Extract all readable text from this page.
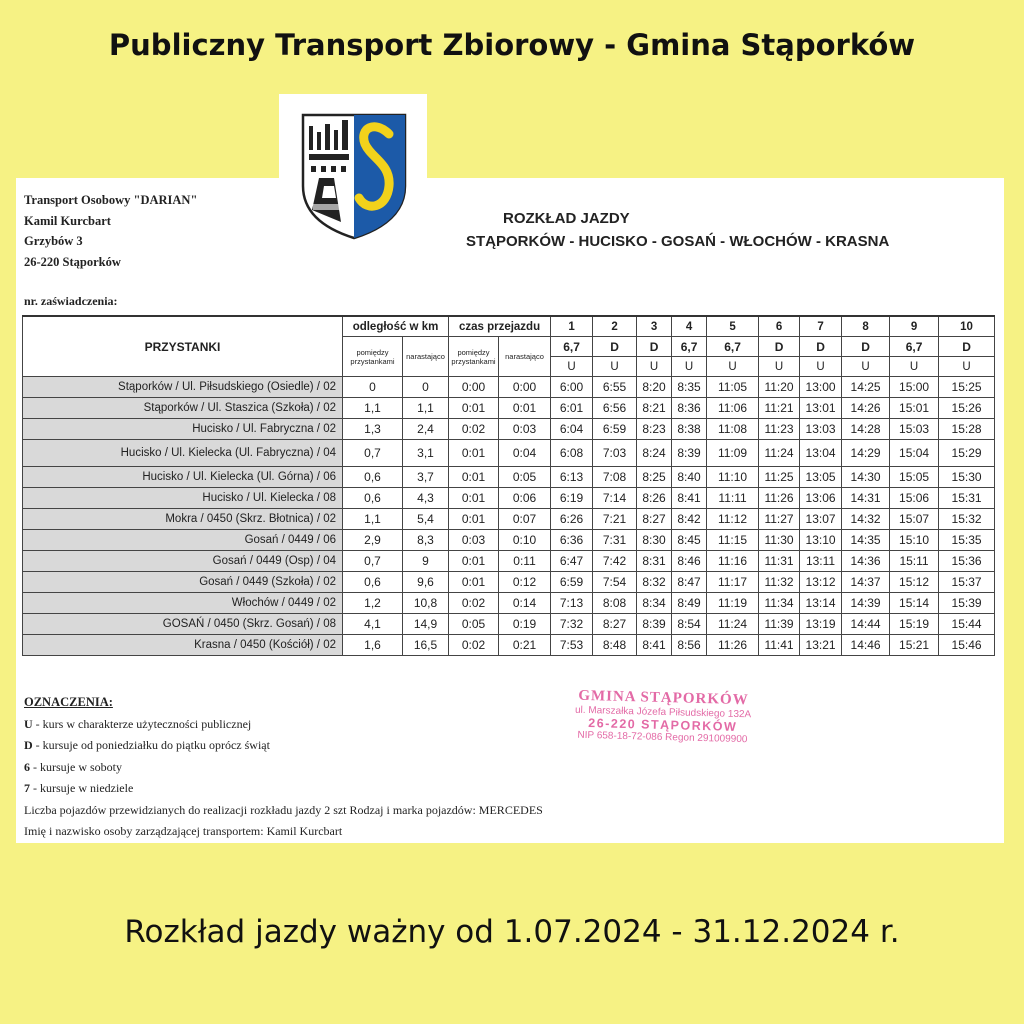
Publiczny Transport Zbiorowy - Gmina Stąporków
Transport Osobowy "DARIAN"
Kamil Kurcbart
Grzybów 3
26-220 Stąporków
ROZKŁAD JAZDY
STĄPORKÓW - HUCISKO - GOSAŃ - WŁOCHÓW - KRASNA
nr. zaświadczenia:
PRZYSTANKI	odległość w km		czas przejazdu		1	2	3	4	5	6	7	8	9	10
	pomiędzy przystankami	narastająco	pomiędzy przystankami	narastająco	6,7	D	D	6,7	6,7	D	D	D	6,7	D
					U	U	U	U	U	U	U	U	U	U
Stąporków / Ul. Piłsudskiego (Osiedle) / 02	0	0	0:00	0:00	6:00	6:55	8:20	8:35	11:05	11:20	13:00	14:25	15:00	15:25
Stąporków / Ul. Staszica (Szkoła) / 02	1,1	1,1	0:01	0:01	6:01	6:56	8:21	8:36	11:06	11:21	13:01	14:26	15:01	15:26
Hucisko / Ul. Fabryczna / 02	1,3	2,4	0:02	0:03	6:04	6:59	8:23	8:38	11:08	11:23	13:03	14:28	15:03	15:28
Hucisko / Ul. Kielecka (Ul. Fabryczna) / 04	0,7	3,1	0:01	0:04	6:08	7:03	8:24	8:39	11:09	11:24	13:04	14:29	15:04	15:29
Hucisko / Ul. Kielecka (Ul. Górna) / 06	0,6	3,7	0:01	0:05	6:13	7:08	8:25	8:40	11:10	11:25	13:05	14:30	15:05	15:30
Hucisko / Ul. Kielecka / 08	0,6	4,3	0:01	0:06	6:19	7:14	8:26	8:41	11:11	11:26	13:06	14:31	15:06	15:31
Mokra / 0450 (Skrz. Błotnica) / 02	1,1	5,4	0:01	0:07	6:26	7:21	8:27	8:42	11:12	11:27	13:07	14:32	15:07	15:32
Gosań / 0449 / 06	2,9	8,3	0:03	0:10	6:36	7:31	8:30	8:45	11:15	11:30	13:10	14:35	15:10	15:35
Gosań / 0449 (Osp) / 04	0,7	9	0:01	0:11	6:47	7:42	8:31	8:46	11:16	11:31	13:11	14:36	15:11	15:36
Gosań / 0449 (Szkoła) / 02	0,6	9,6	0:01	0:12	6:59	7:54	8:32	8:47	11:17	11:32	13:12	14:37	15:12	15:37
Włochów / 0449 / 02	1,2	10,8	0:02	0:14	7:13	8:08	8:34	8:49	11:19	11:34	13:14	14:39	15:14	15:39
GOSAŃ / 0450 (Skrz. Gosań) / 08	4,1	14,9	0:05	0:19	7:32	8:27	8:39	8:54	11:24	11:39	13:19	14:44	15:19	15:44
Krasna / 0450 (Kościół) / 02	1,6	16,5	0:02	0:21	7:53	8:48	8:41	8:56	11:26	11:41	13:21	14:46	15:21	15:46
OZNACZENIA:
U - kurs w charakterze użyteczności publicznej
D - kursuje od poniedziałku do piątku oprócz świąt
6 - kursuje w soboty
7 - kursuje w niedziele
Liczba pojazdów przewidzianych do realizacji rozkładu jazdy 2 szt Rodzaj i marka pojazdów: MERCEDES
Imię i nazwisko osoby zarządzającej transportem: Kamil Kurcbart
GMINA STĄPORKÓW
ul. Marszałka Józefa Piłsudskiego 132A
26-220 STĄPORKÓW
NIP 658-18-72-086 Regon 291009900
Rozkład jazdy ważny od 1.07.2024 - 31.12.2024 r.
